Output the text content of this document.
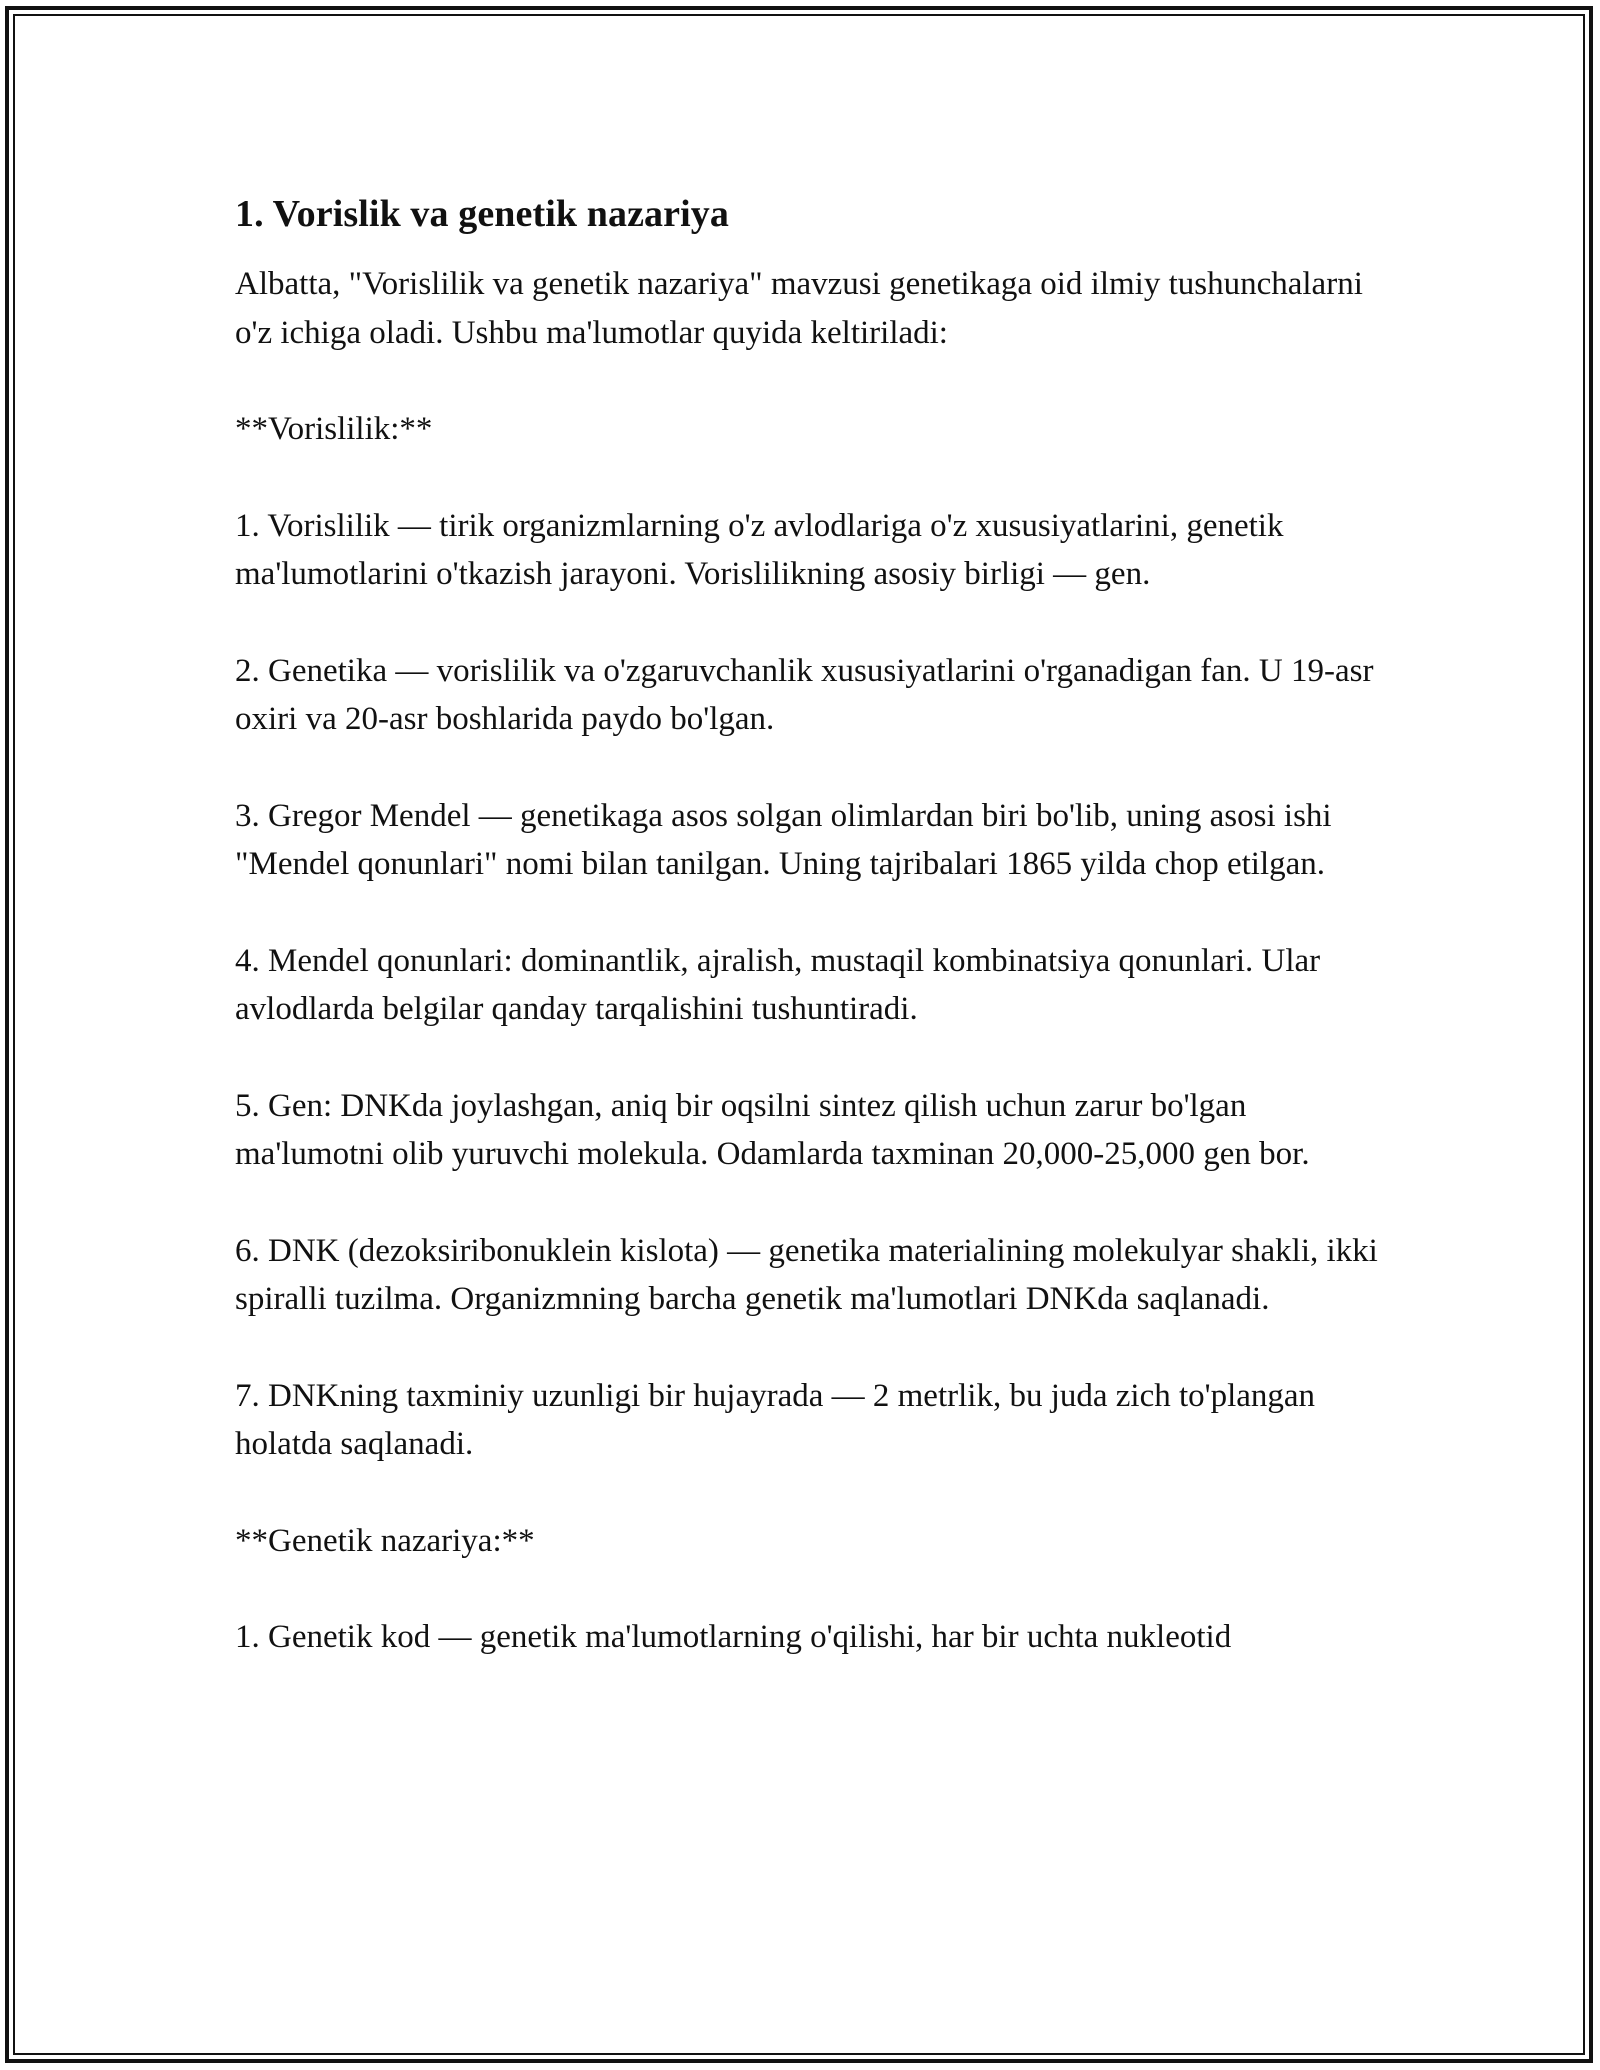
1. Vorislik va genetik nazariya

Albatta, "Vorislilik va genetik nazariya" mavzusi genetikaga oid ilmiy tushunchalarni o'z ichiga oladi. Ushbu ma'lumotlar quyida keltiriladi:

**Vorislilik:**

1. Vorislilik — tirik organizmlarning o'z avlodlariga o'z xususiyatlarini, genetik ma'lumotlarini o'tkazish jarayoni. Vorislilikning asosiy birligi — gen.

2. Genetika — vorislilik va o'zgaruvchanlik xususiyatlarini o'rganadigan fan. U 19-asr oxiri va 20-asr boshlarida paydo bo'lgan.

3. Gregor Mendel — genetikaga asos solgan olimlardan biri bo'lib, uning asosi ishi "Mendel qonunlari" nomi bilan tanilgan. Uning tajribalari 1865 yilda chop etilgan.

4. Mendel qonunlari: dominantlik, ajralish, mustaqil kombinatsiya qonunlari. Ular avlodlarda belgilar qanday tarqalishini tushuntiradi.

5. Gen: DNKda joylashgan, aniq bir oqsilni sintez qilish uchun zarur bo'lgan ma'lumotni olib yuruvchi molekula. Odamlarda taxminan 20,000-25,000 gen bor.

6. DNK (dezoksiribonuklein kislota) — genetika materialining molekulyar shakli, ikki spiralli tuzilma. Organizmning barcha genetik ma'lumotlari DNKda saqlanadi.

7. DNKning taxminiy uzunligi bir hujayrada — 2 metrlik, bu juda zich to'plangan holatda saqlanadi.

**Genetik nazariya:**

1. Genetik kod — genetik ma'lumotlarning o'qilishi, har bir uchta nukleotid
